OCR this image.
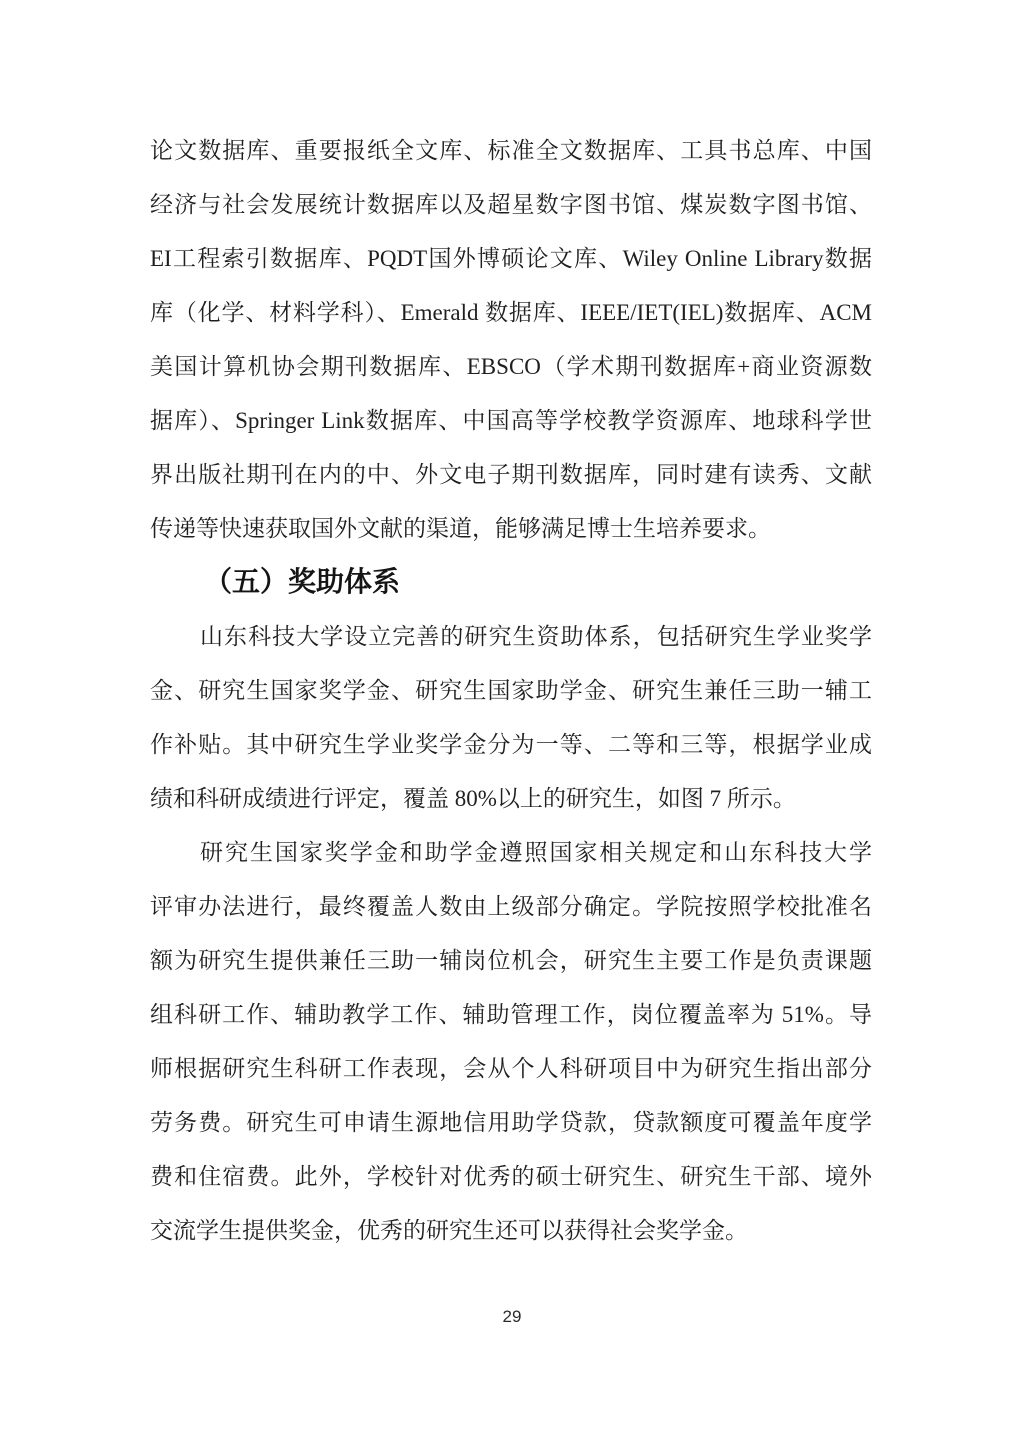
论文数据库、重要报纸全文库、标准全文数据库、工具书总库、中国
经济与社会发展统计数据库以及超星数字图书馆、煤炭数字图书馆、
EI工程索引数据库、PQDT国外博硕论文库、Wiley Online Library数据
库（化学、材料学科）、Emerald 数据库、IEEE/IET(IEL)数据库、ACM
美国计算机协会期刊数据库、EBSCO（学术期刊数据库+商业资源数
据库）、Springer Link数据库、中国高等学校教学资源库、地球科学世
界出版社期刊在内的中、外文电子期刊数据库，同时建有读秀、文献
传递等快速获取国外文献的渠道，能够满足博士生培养要求。
（五）奖助体系
山东科技大学设立完善的研究生资助体系，包括研究生学业奖学
金、研究生国家奖学金、研究生国家助学金、研究生兼任三助一辅工
作补贴。其中研究生学业奖学金分为一等、二等和三等，根据学业成
绩和科研成绩进行评定，覆盖 80%以上的研究生，如图 7 所示。
研究生国家奖学金和助学金遵照国家相关规定和山东科技大学
评审办法进行，最终覆盖人数由上级部分确定。学院按照学校批准名
额为研究生提供兼任三助一辅岗位机会，研究生主要工作是负责课题
组科研工作、辅助教学工作、辅助管理工作，岗位覆盖率为 51%。导
师根据研究生科研工作表现，会从个人科研项目中为研究生指出部分
劳务费。研究生可申请生源地信用助学贷款，贷款额度可覆盖年度学
费和住宿费。此外，学校针对优秀的硕士研究生、研究生干部、境外
交流学生提供奖金，优秀的研究生还可以获得社会奖学金。
29
